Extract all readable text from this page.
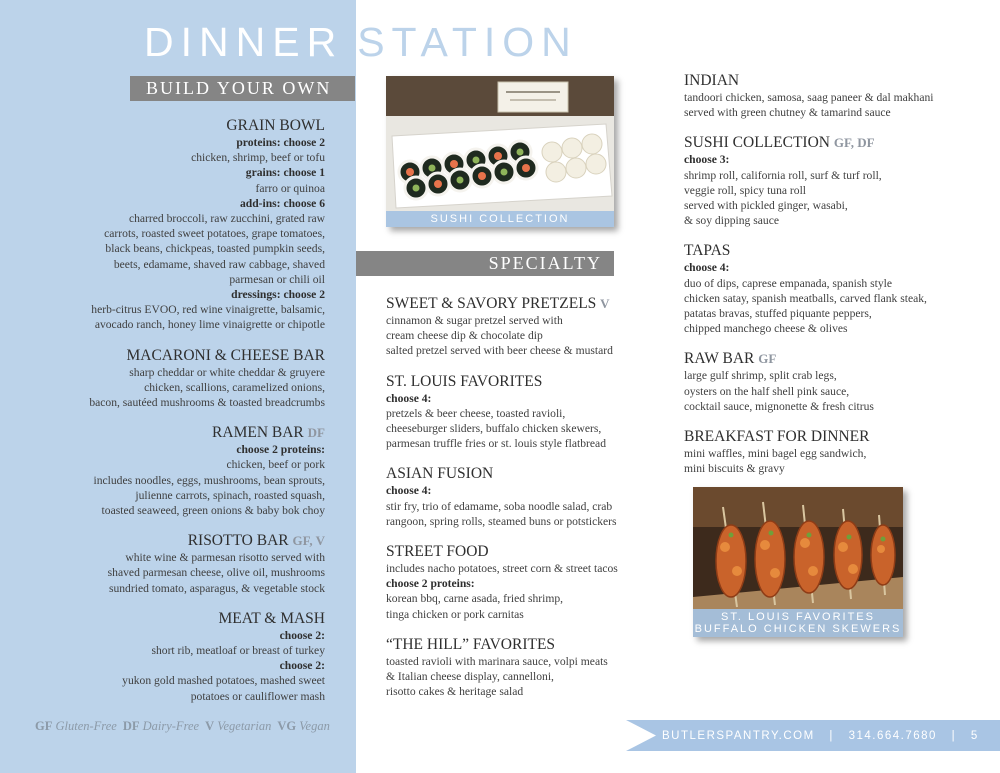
DINNER STATION
BUILD YOUR OWN
GRAIN BOWL
proteins: choose 2
chicken, shrimp, beef or tofu
grains: choose 1
farro or quinoa
add-ins: choose 6
charred broccoli, raw zucchini, grated raw
carrots, roasted sweet potatoes, grape tomatoes,
black beans, chickpeas, toasted pumpkin seeds,
beets, edamame, shaved raw cabbage, shaved
parmesan or chili oil
dressings: choose 2
herb-citrus EVOO, red wine vinaigrette, balsamic,
avocado ranch, honey lime vinaigrette or chipotle
MACARONI & CHEESE BAR
sharp cheddar or white cheddar & gruyere
chicken, scallions, caramelized onions,
bacon, sautéed mushrooms & toasted breadcrumbs
RAMEN BAR DF
choose 2 proteins:
chicken, beef or pork
includes noodles, eggs, mushrooms, bean sprouts,
julienne carrots, spinach, roasted squash,
toasted seaweed, green onions & baby bok choy
RISOTTO BAR GF, V
white wine & parmesan risotto served with
shaved parmesan cheese, olive oil, mushrooms
sundried tomato, asparagus, & vegetable stock
MEAT & MASH
choose 2:
short rib, meatloaf or breast of turkey
choose 2:
yukon gold mashed potatoes, mashed sweet
potatoes or cauliflower mash
GF Gluten-Free DF Dairy-Free V Vegetarian VG Vegan
SUSHI COLLECTION
SPECIALTY
SWEET & SAVORY PRETZELS V
cinnamon & sugar pretzel served with
cream cheese dip & chocolate dip
salted pretzel served with beer cheese & mustard
ST. LOUIS FAVORITES
choose 4:
pretzels & beer cheese, toasted ravioli,
cheeseburger sliders, buffalo chicken skewers,
parmesan truffle fries or st. louis style flatbread
ASIAN FUSION
choose 4:
stir fry, trio of edamame, soba noodle salad, crab
rangoon, spring rolls, steamed buns or potstickers
STREET FOOD
includes nacho potatoes, street corn & street tacos
choose 2 proteins:
korean bbq, carne asada, fried shrimp,
tinga chicken or pork carnitas
“THE HILL” FAVORITES
toasted ravioli with marinara sauce, volpi meats
& Italian cheese display, cannelloni,
risotto cakes & heritage salad
INDIAN
tandoori chicken, samosa, saag paneer & dal makhani
served with green chutney & tamarind sauce
SUSHI COLLECTION GF, DF
choose 3:
shrimp roll, california roll, surf & turf roll,
veggie roll, spicy tuna roll
served with pickled ginger, wasabi,
& soy dipping sauce
TAPAS
choose 4:
duo of dips, caprese empanada, spanish style
chicken satay, spanish meatballs, carved flank steak,
patatas bravas, stuffed piquante peppers,
chipped manchego cheese & olives
RAW BAR GF
large gulf shrimp, split crab legs,
oysters on the half shell pink sauce,
cocktail sauce, mignonette & fresh citrus
BREAKFAST FOR DINNER
mini waffles, mini bagel egg sandwich,
mini biscuits & gravy
ST. LOUIS FAVORITES
BUFFALO CHICKEN SKEWERS
BUTLERSPANTRY.COM | 314.664.7680 | 5
